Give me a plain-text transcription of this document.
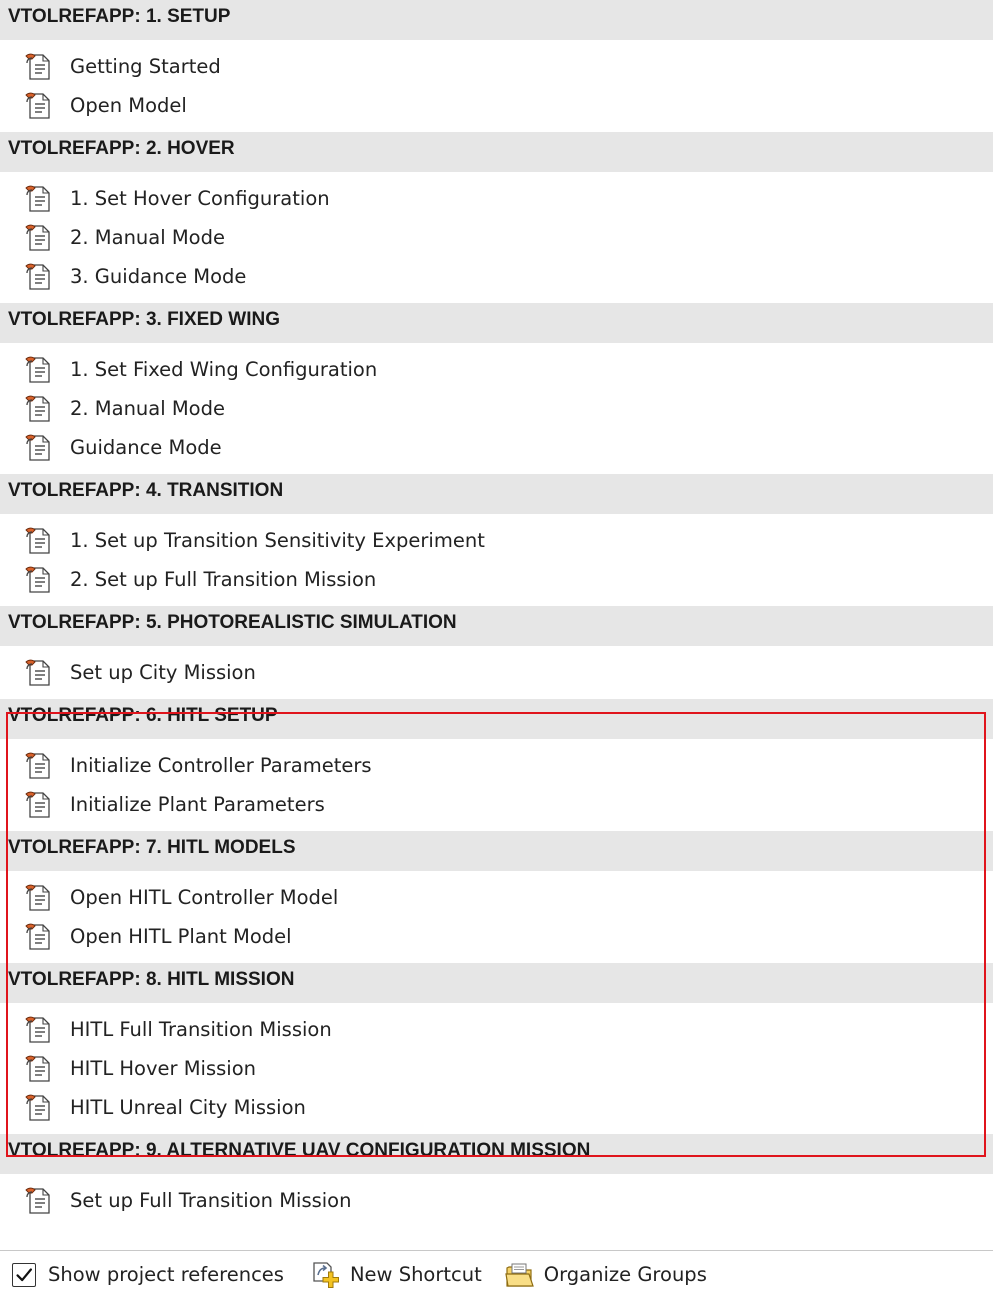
VTOLREFAPP: 1. SETUP
Getting Started
Open Model
VTOLREFAPP: 2. HOVER
1. Set Hover Configuration
2. Manual Mode
3. Guidance Mode
VTOLREFAPP: 3. FIXED WING
1. Set Fixed Wing Configuration
2. Manual Mode
Guidance Mode
VTOLREFAPP: 4. TRANSITION
1. Set up Transition Sensitivity Experiment
2. Set up Full Transition Mission
VTOLREFAPP: 5. PHOTOREALISTIC SIMULATION
Set up City Mission
VTOLREFAPP: 6. HITL SETUP
Initialize Controller Parameters
Initialize Plant Parameters
VTOLREFAPP: 7. HITL MODELS
Open HITL Controller Model
Open HITL Plant Model
VTOLREFAPP: 8. HITL MISSION
HITL Full Transition Mission
HITL Hover Mission
HITL Unreal City Mission
VTOLREFAPP: 9. ALTERNATIVE UAV CONFIGURATION MISSION
Set up Full Transition Mission
Show project references	New Shortcut	Organize Groups
